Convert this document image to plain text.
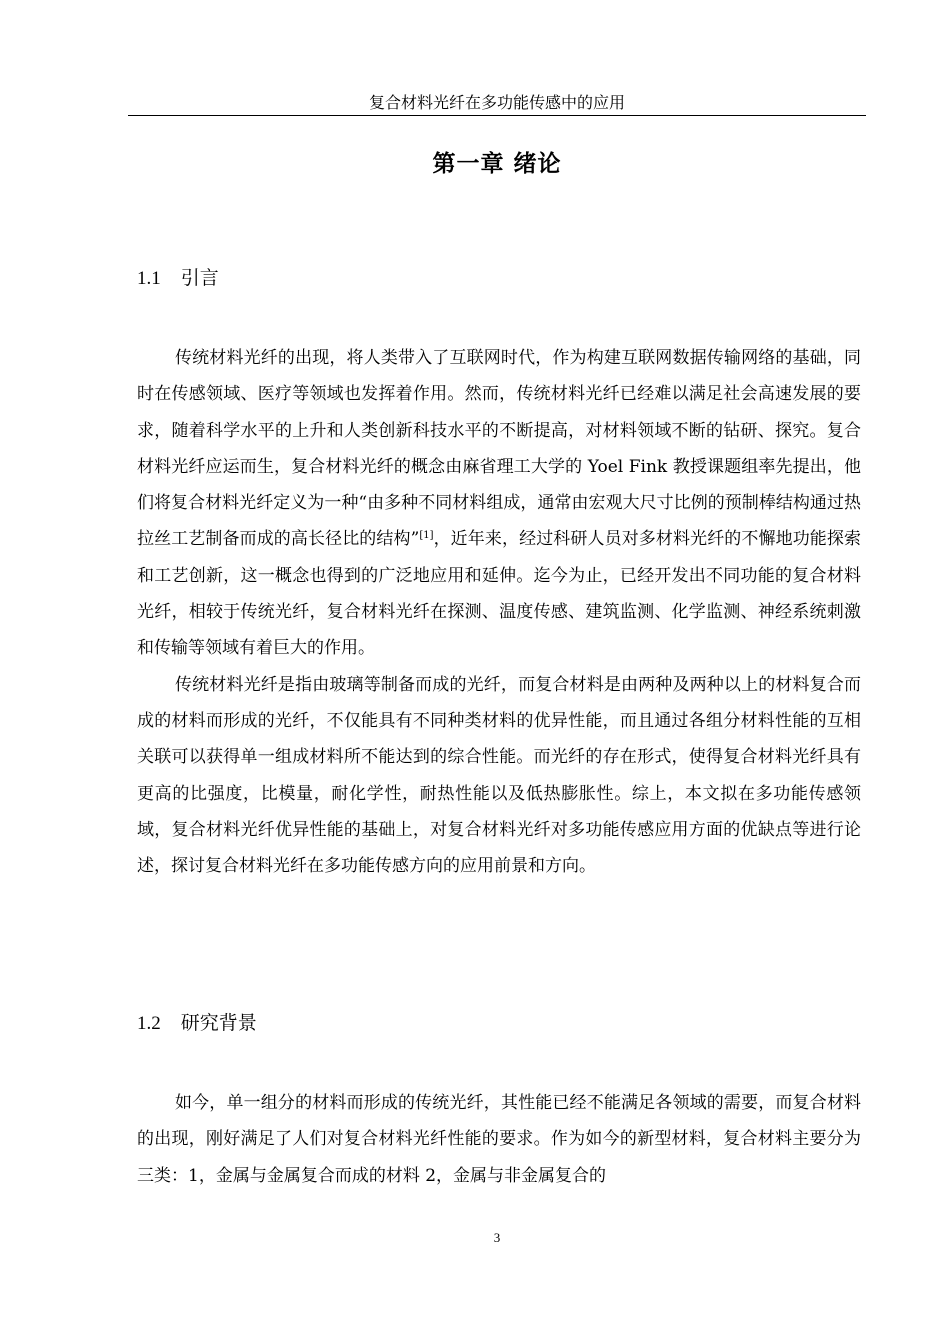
复合材料光纤在多功能传感中的应用
第一章 绪论
1.1 引言

传统材料光纤的出现，将人类带入了互联网时代，作为构建互联网数据传输网络的基础，同时在传感领域、医疗等领域也发挥着作用。然而，传统材料光纤已经难以满足社会高速发展的要求，随着科学水平的上升和人类创新科技水平的不断提高，对材料领域不断的钻研、探究。复合材料光纤应运而生，复合材料光纤的概念由麻省理工大学的 Yoel Fink 教授课题组率先提出，他们将复合材料光纤定义为一种“由多种不同材料组成，通常由宏观大尺寸比例的预制棒结构通过热拉丝工艺制备而成的高长径比的结构”[1]，近年来，经过科研人员对多材料光纤的不懈地功能探索和工艺创新，这一概念也得到的广泛地应用和延伸。迄今为止，已经开发出不同功能的复合材料光纤，相较于传统光纤，复合材料光纤在探测、温度传感、建筑监测、化学监测、神经系统刺激和传输等领域有着巨大的作用。

传统材料光纤是指由玻璃等制备而成的光纤，而复合材料是由两种及两种以上的材料复合而成的材料而形成的光纤，不仅能具有不同种类材料的优异性能，而且通过各组分材料性能的互相关联可以获得单一组成材料所不能达到的综合性能。而光纤的存在形式，使得复合材料光纤具有更高的比强度，比模量，耐化学性，耐热性能以及低热膨胀性。综上，本文拟在多功能传感领域，复合材料光纤优异性能的基础上，对复合材料光纤对多功能传感应用方面的优缺点等进行论述，探讨复合材料光纤在多功能传感方向的应用前景和方向。

1.2 研究背景

如今，单一组分的材料而形成的传统光纤，其性能已经不能满足各领域的需要，而复合材料的出现，刚好满足了人们对复合材料光纤性能的要求。作为如今的新型材料，复合材料主要分为三类：1，金属与金属复合而成的材料 2，金属与非金属复合的

3
